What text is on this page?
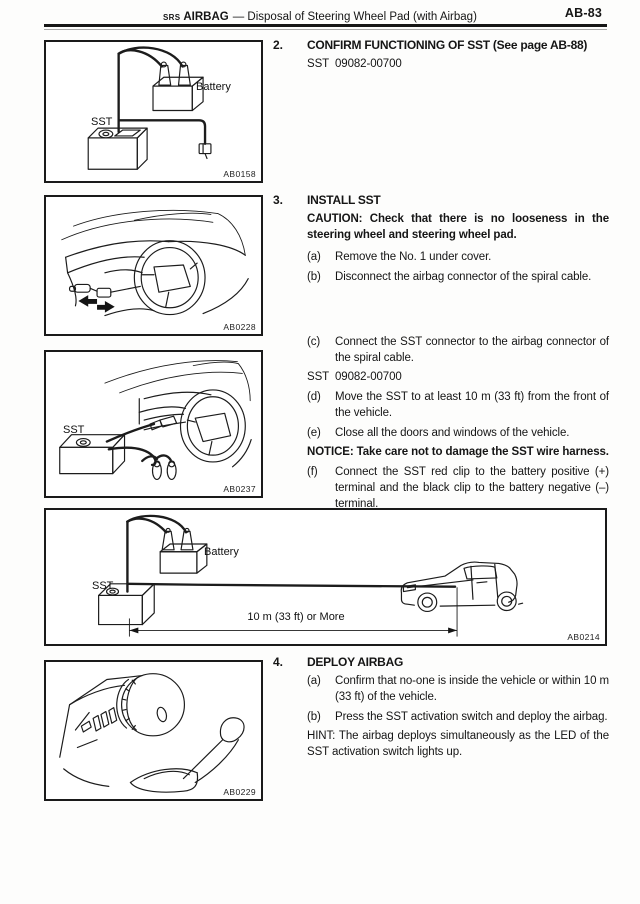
SRS AIRBAG — Disposal of Steering Wheel Pad (with Airbag)	AB-83
SST
Battery
AB0158
AB0228
SST
AB0237
SST
Battery
10 m (33 ft) or More
AB0214
AB0229
2.	CONFIRM FUNCTIONING OF SST (See page AB-88)
SST 09082-00700
3.	INSTALL SST
CAUTION: Check that there is no looseness in the steering wheel and steering wheel pad.
(a)	Remove the No. 1 under cover.
(b)	Disconnect the airbag connector of the spiral cable.
(c)	Connect the SST connector to the airbag connector of the spiral cable.
SST 09082-00700
(d)	Move the SST to at least 10 m (33 ft) from the front of the vehicle.
(e)	Close all the doors and windows of the vehicle.
NOTICE: Take care not to damage the SST wire harness.
(f)	Connect the SST red clip to the battery positive (+) terminal and the black clip to the battery negative (–) terminal.
4.	DEPLOY AIRBAG
(a)	Confirm that no-one is inside the vehicle or within 10 m (33 ft) of the vehicle.
(b)	Press the SST activation switch and deploy the airbag.
HINT: The airbag deploys simultaneously as the LED of the SST activation switch lights up.
